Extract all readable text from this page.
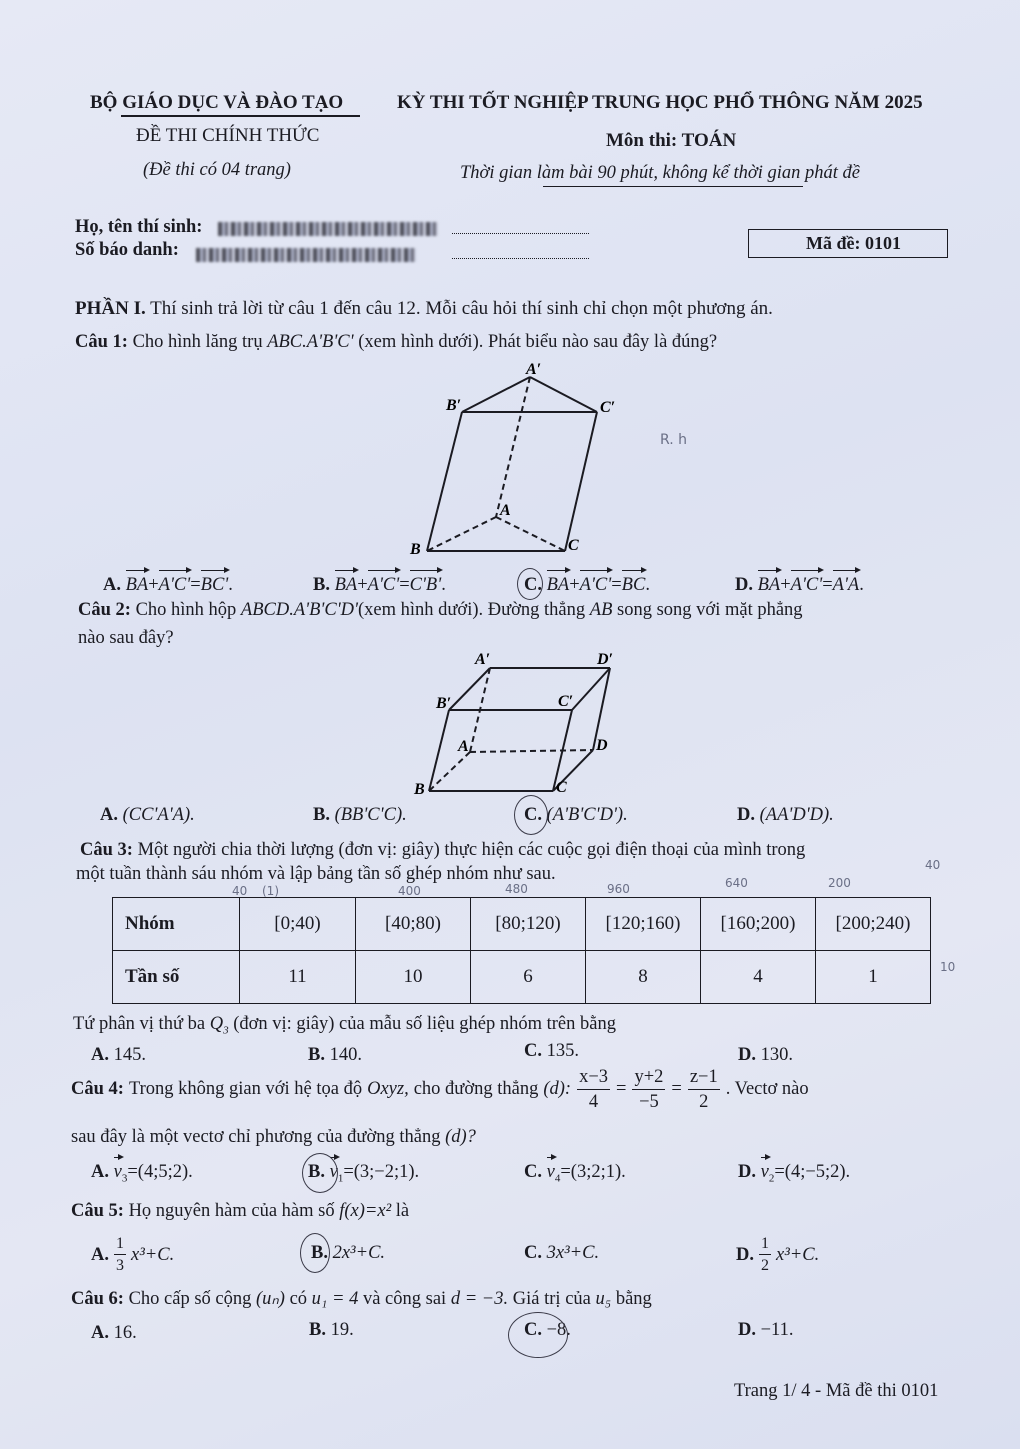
BỘ GIÁO DỤC VÀ ĐÀO TẠO	KỲ THI TỐT NGHIỆP TRUNG HỌC PHỔ THÔNG NĂM 2025
ĐỀ THI CHÍNH THỨC	Môn thi: TOÁN
(Đề thi có 04 trang)	Thời gian làm bài 90 phút, không kể thời gian phát đề
Họ, tên thí sinh:
Số báo danh:	Mã đề: 0101
PHẦN I. Thí sinh trả lời từ câu 1 đến câu 12. Mỗi câu hỏi thí sinh chỉ chọn một phương án.
Câu 1: Cho hình lăng trụ ABC.A'B'C' (xem hình dưới). Phát biểu nào sau đây là đúng?
A′
B′	C′
A
B	C
R. h
A. BA+A'C'=BC'.	B. BA+A'C'=C'B'.	C. BA+A'C'=BC.	D. BA+A'C'=A'A.
Câu 2: Cho hình hộp ABCD.A'B'C'D'(xem hình dưới). Đường thẳng AB song song với mặt phẳng
nào sau đây?
A′	D′
B′	C′
A	D
B	C
A. (CC'A'A).	B. (BB'C'C).	C. (A'B'C'D').	D. (AA'D'D).
Câu 3: Một người chia thời lượng (đơn vị: giây) thực hiện các cuộc gọi điện thoại của mình trong
một tuần thành sáu nhóm và lập bảng tần số ghép nhóm như sau.
40 (1)	400	480	960	640	200
40
10
Nhóm	[0;40)	[40;80)	[80;120)	[120;160)	[160;200)	[200;240)
Tần số	11	10	6	8	4	1
Tứ phân vị thứ ba $Q_3$ (đơn vị: giây) của mẫu số liệu ghép nhóm trên bằng
A. 145.	B. 140.	C. 135.	D. 130.
Câu 4: Trong không gian với hệ tọa độ Oxyz, cho đường thẳng (d): $\frac{x-3}{4} = \frac{y+2}{-5} = \frac{z-1}{2}$ . Vectơ nào
sau đây là một vectơ chỉ phương của đường thẳng (d)?
A. $v_3=(4;5;2)$.	B. $v_1=(3;-2;1)$.	C. $v_4=(3;2;1)$.	D. $v_2=(4;-5;2)$.
Câu 5: Họ nguyên hàm của hàm số f(x)=x² là
A. $\frac{1}{3} x^3+C$.	B. 2x³+C.	C. 3x³+C.	D. $\frac{1}{2} x^3+C$.
Câu 6: Cho cấp số cộng (uₙ) có u₁ = 4 và công sai d = −3. Giá trị của u₅ bằng
A. 16.	B. 19.	C. −8.	D. −11.
Trang 1/ 4 - Mã đề thi 0101
